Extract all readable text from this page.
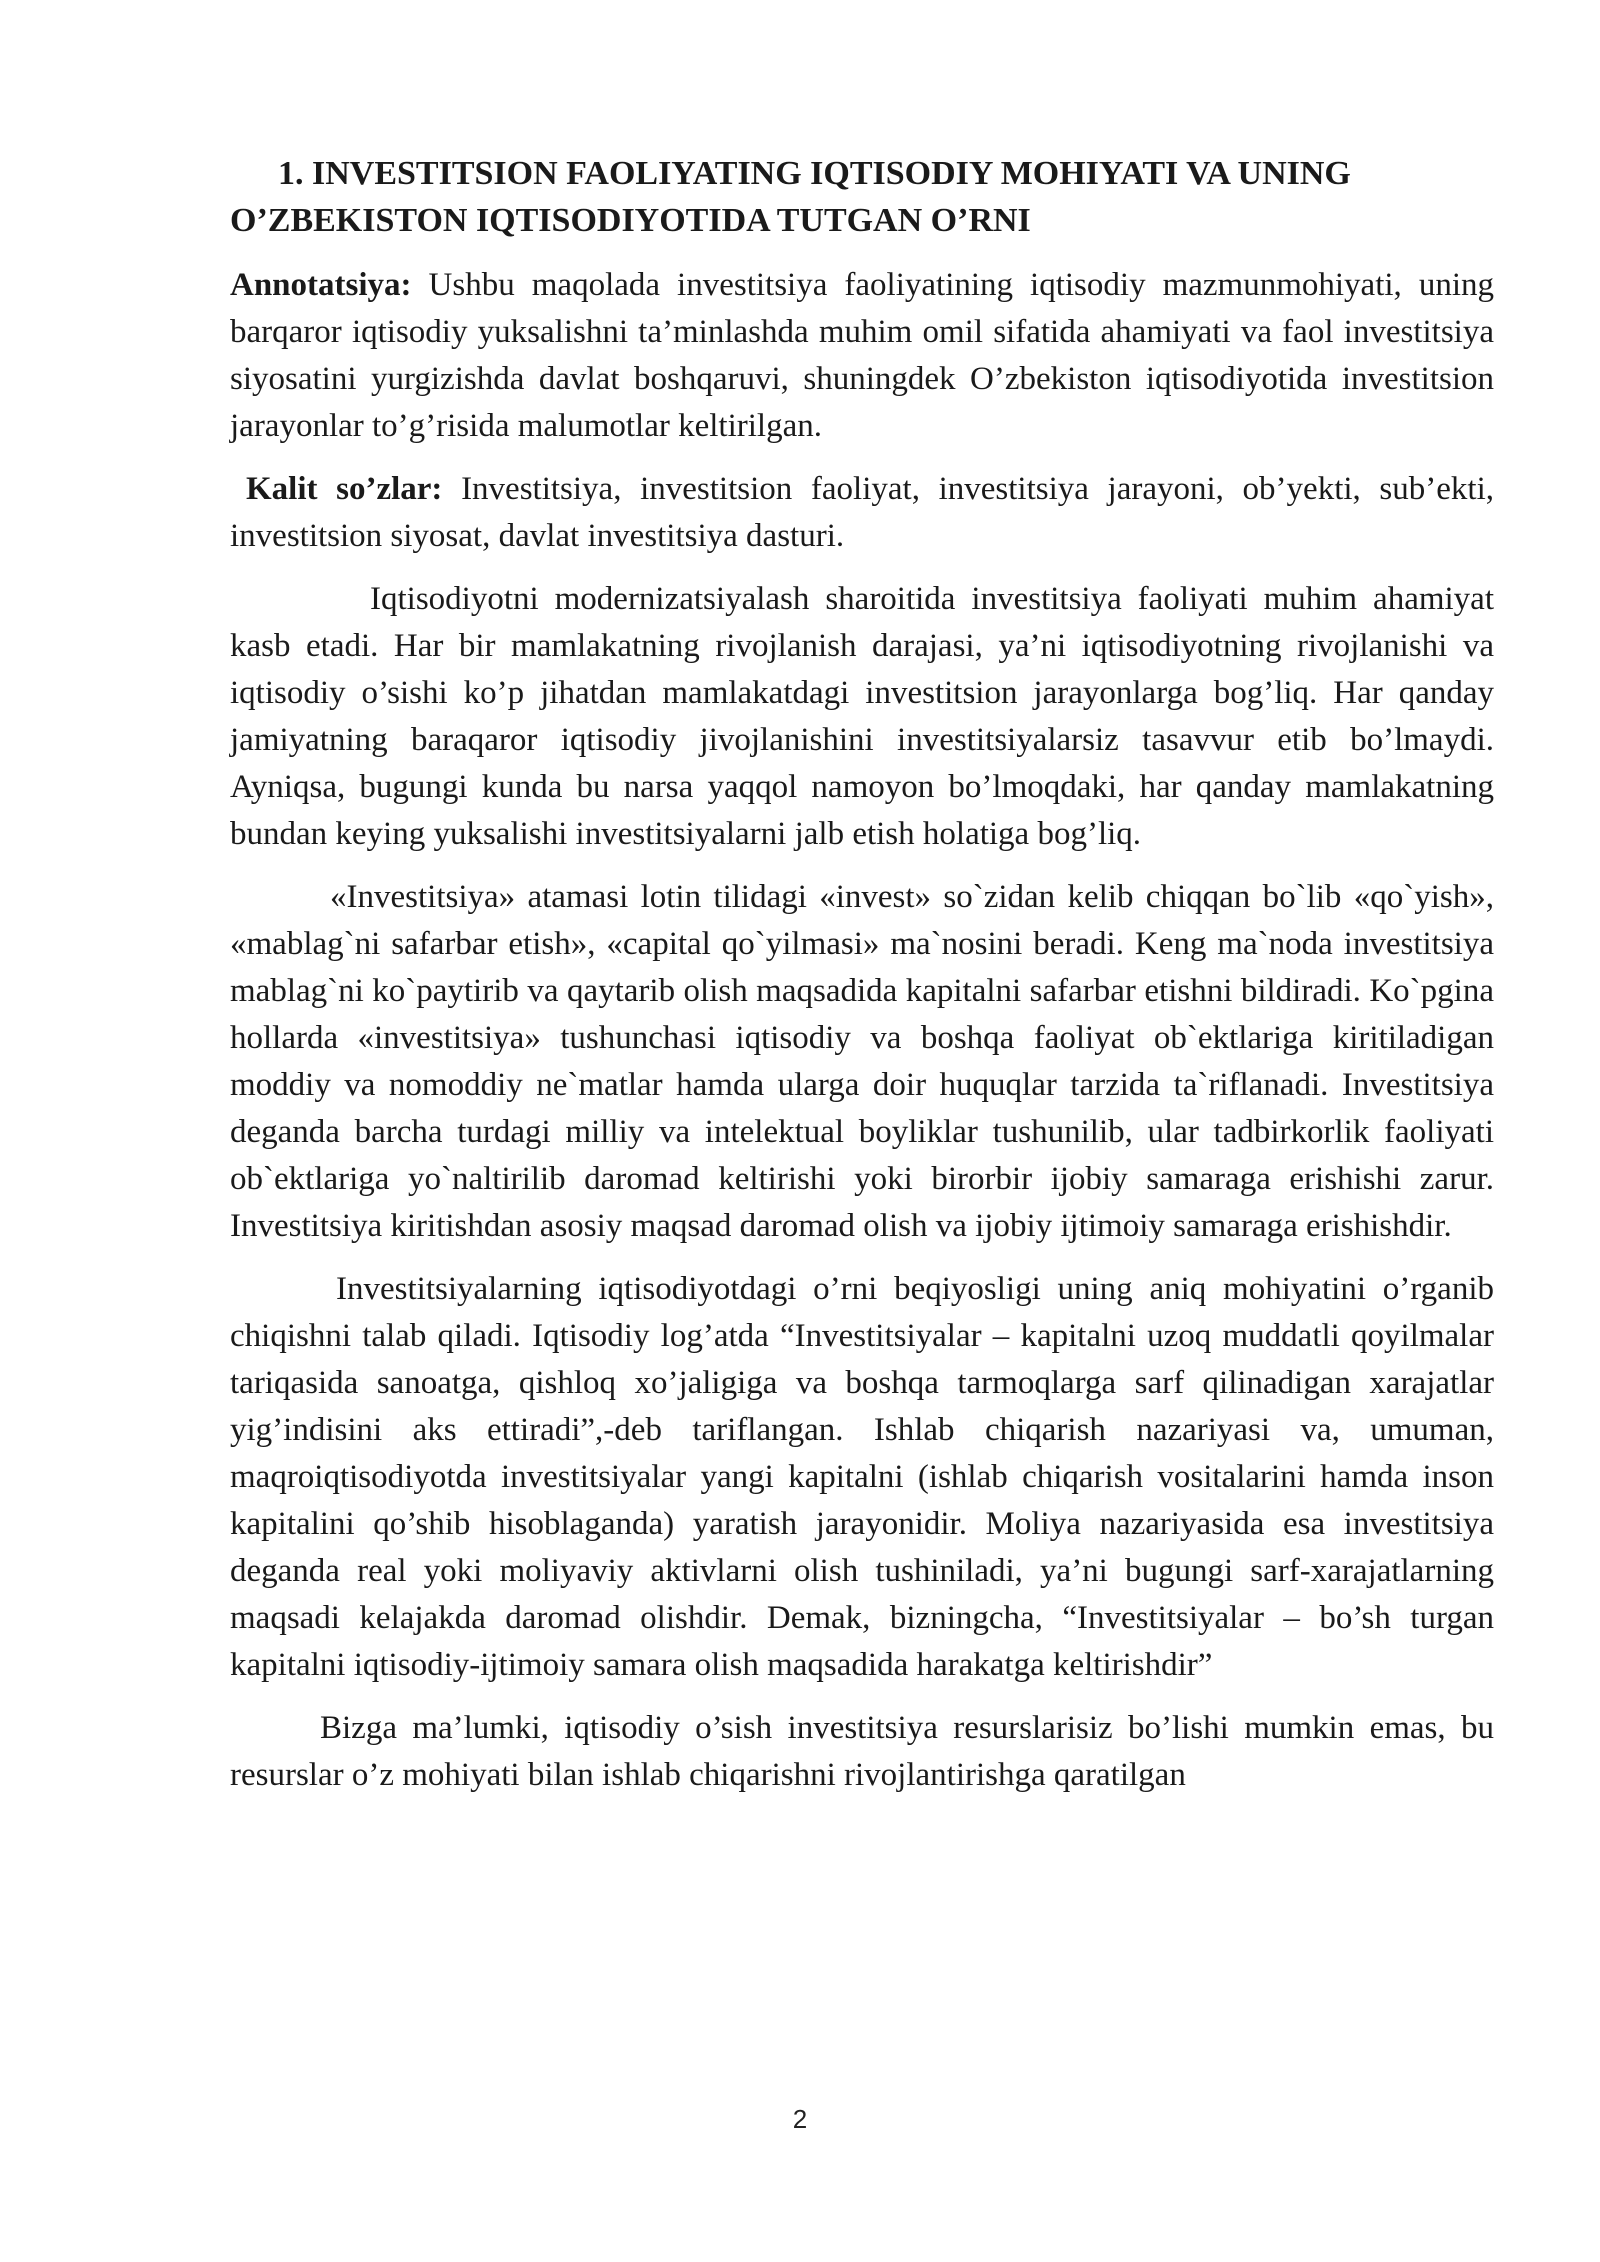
1. INVESTITSION FAOLIYATING IQTISODIY MOHIYATI VA UNING O’ZBEKISTON IQTISODIYOTIDA TUTGAN O’RNI
Annotatsiya: Ushbu maqolada investitsiya faoliyatining iqtisodiy mazmunmohiyati, uning barqaror iqtisodiy yuksalishni ta’minlashda muhim omil sifatida ahamiyati va faol investitsiya siyosatini yurgizishda davlat boshqaruvi, shuningdek O’zbekiston iqtisodiyotida investitsion jarayonlar to’g’risida malumotlar keltirilgan.
Kalit so’zlar: Investitsiya, investitsion faoliyat, investitsiya jarayoni, ob’yekti, sub’ekti, investitsion siyosat, davlat investitsiya dasturi.
Iqtisodiyotni modernizatsiyalash sharoitida investitsiya faoliyati muhim ahamiyat kasb etadi. Har bir mamlakatning rivojlanish darajasi, ya’ni iqtisodiyotning rivojlanishi va iqtisodiy o’sishi ko’p jihatdan mamlakatdagi investitsion jarayonlarga bog’liq. Har qanday jamiyatning baraqaror iqtisodiy jivojlanishini investitsiyalarsiz tasavvur etib bo’lmaydi. Ayniqsa, bugungi kunda bu narsa yaqqol namoyon bo’lmoqdaki, har qanday mamlakatning bundan keying yuksalishi investitsiyalarni jalb etish holatiga bog’liq.
«Investitsiya» atamasi lotin tilidagi «invest» so`zidan kelib chiqqan bo`lib «qo`yish», «mablag`ni safarbar etish», «capital qo`yilmasi» ma`nosini beradi. Keng ma`noda investitsiya mablag`ni ko`paytirib va qaytarib olish maqsadida kapitalni safarbar etishni bildiradi. Ko`pgina hollarda «investitsiya» tushunchasi iqtisodiy va boshqa faoliyat ob`ektlariga kiritiladigan moddiy va nomoddiy ne`matlar hamda ularga doir huquqlar tarzida ta`riflanadi. Investitsiya deganda barcha turdagi milliy va intelektual boyliklar tushunilib, ular tadbirkorlik faoliyati ob`ektlariga yo`naltirilib daromad keltirishi yoki birorbir ijobiy samaraga erishishi zarur. Investitsiya kiritishdan asosiy maqsad daromad olish va ijobiy ijtimoiy samaraga erishishdir.
Investitsiyalarning iqtisodiyotdagi o’rni beqiyosligi uning aniq mohiyatini o’rganib chiqishni talab qiladi. Iqtisodiy log’atda “Investitsiyalar – kapitalni uzoq muddatli qoyilmalar tariqasida sanoatga, qishloq xo’jaligiga va boshqa tarmoqlarga sarf qilinadigan xarajatlar yig’indisini aks ettiradi”,-deb tariflangan. Ishlab chiqarish nazariyasi va, umuman, maqroiqtisodiyotda investitsiyalar yangi kapitalni (ishlab chiqarish vositalarini hamda inson kapitalini qo’shib hisoblaganda) yaratish jarayonidir. Moliya nazariyasida esa investitsiya deganda real yoki moliyaviy aktivlarni olish tushiniladi, ya’ni bugungi sarf-xarajatlarning maqsadi kelajakda daromad olishdir. Demak, bizningcha, “Investitsiyalar – bo’sh turgan kapitalni iqtisodiy-ijtimoiy samara olish maqsadida harakatga keltirishdir”
Bizga ma’lumki, iqtisodiy o’sish investitsiya resurslarisiz bo’lishi mumkin emas, bu resurslar o’z mohiyati bilan ishlab chiqarishni rivojlantirishga qaratilgan
2
